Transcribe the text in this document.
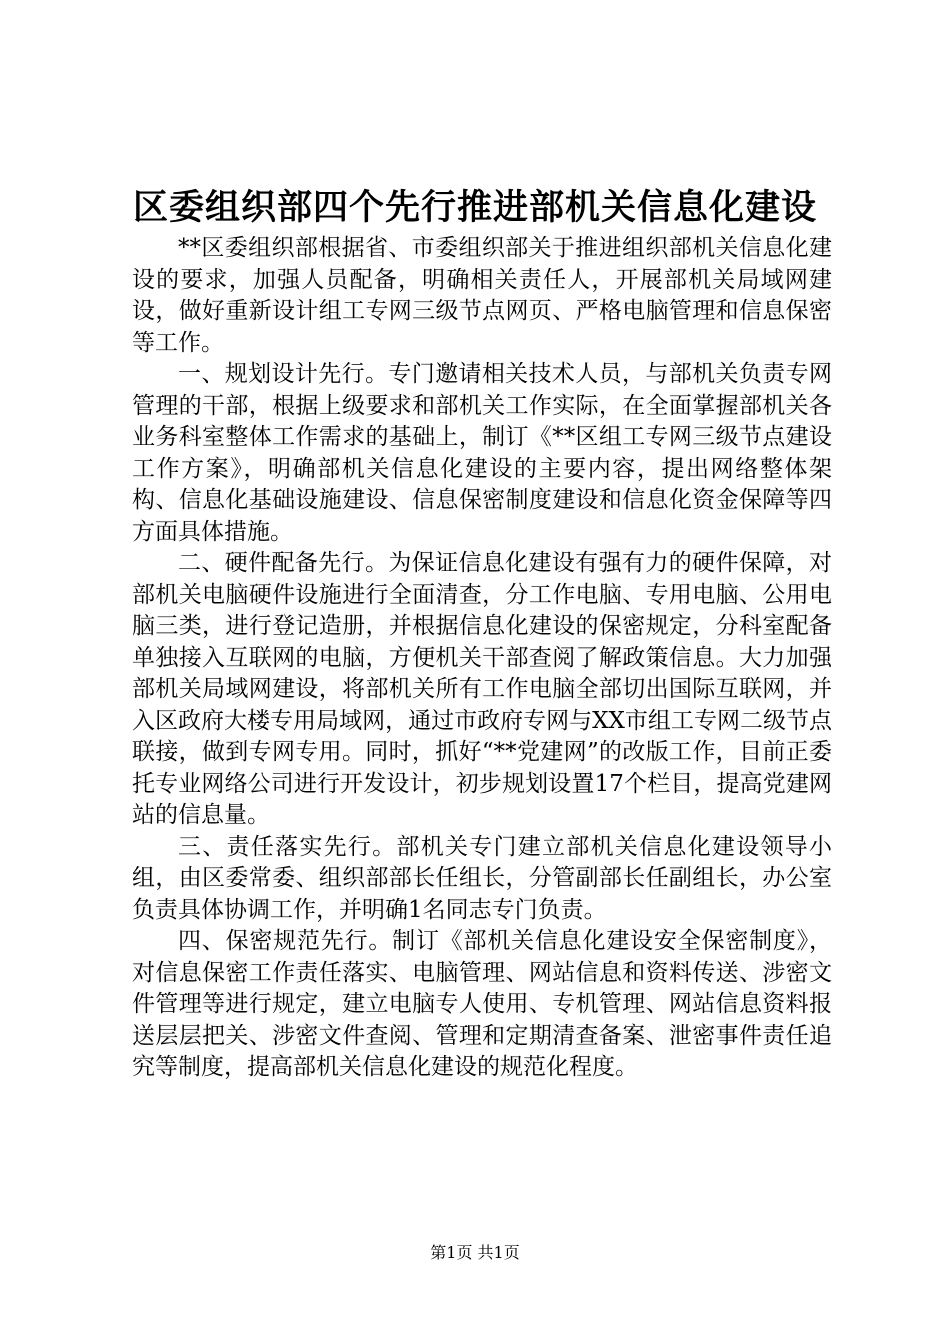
区委组织部四个先行推进部机关信息化建设

**区委组织部根据省、市委组织部关于推进组织部机关信息化建设的要求，加强人员配备，明确相关责任人，开展部机关局域网建设，做好重新设计组工专网三级节点网页、严格电脑管理和信息保密等工作。

一、规划设计先行。专门邀请相关技术人员，与部机关负责专网管理的干部，根据上级要求和部机关工作实际，在全面掌握部机关各业务科室整体工作需求的基础上，制订《**区组工专网三级节点建设工作方案》，明确部机关信息化建设的主要内容，提出网络整体架构、信息化基础设施建设、信息保密制度建设和信息化资金保障等四方面具体措施。

二、硬件配备先行。为保证信息化建设有强有力的硬件保障，对部机关电脑硬件设施进行全面清查，分工作电脑、专用电脑、公用电脑三类，进行登记造册，并根据信息化建设的保密规定，分科室配备单独接入互联网的电脑，方便机关干部查阅了解政策信息。大力加强部机关局域网建设，将部机关所有工作电脑全部切出国际互联网，并入区政府大楼专用局域网，通过市政府专网与XX市组工专网二级节点联接，做到专网专用。同时，抓好“**党建网”的改版工作，目前正委托专业网络公司进行开发设计，初步规划设置17个栏目，提高党建网站的信息量。

三、责任落实先行。部机关专门建立部机关信息化建设领导小组，由区委常委、组织部部长任组长，分管副部长任副组长，办公室负责具体协调工作，并明确1名同志专门负责。

四、保密规范先行。制订《部机关信息化建设安全保密制度》，对信息保密工作责任落实、电脑管理、网站信息和资料传送、涉密文件管理等进行规定，建立电脑专人使用、专机管理、网站信息资料报送层层把关、涉密文件查阅、管理和定期清查备案、泄密事件责任追究等制度，提高部机关信息化建设的规范化程度。

第1页 共1页
